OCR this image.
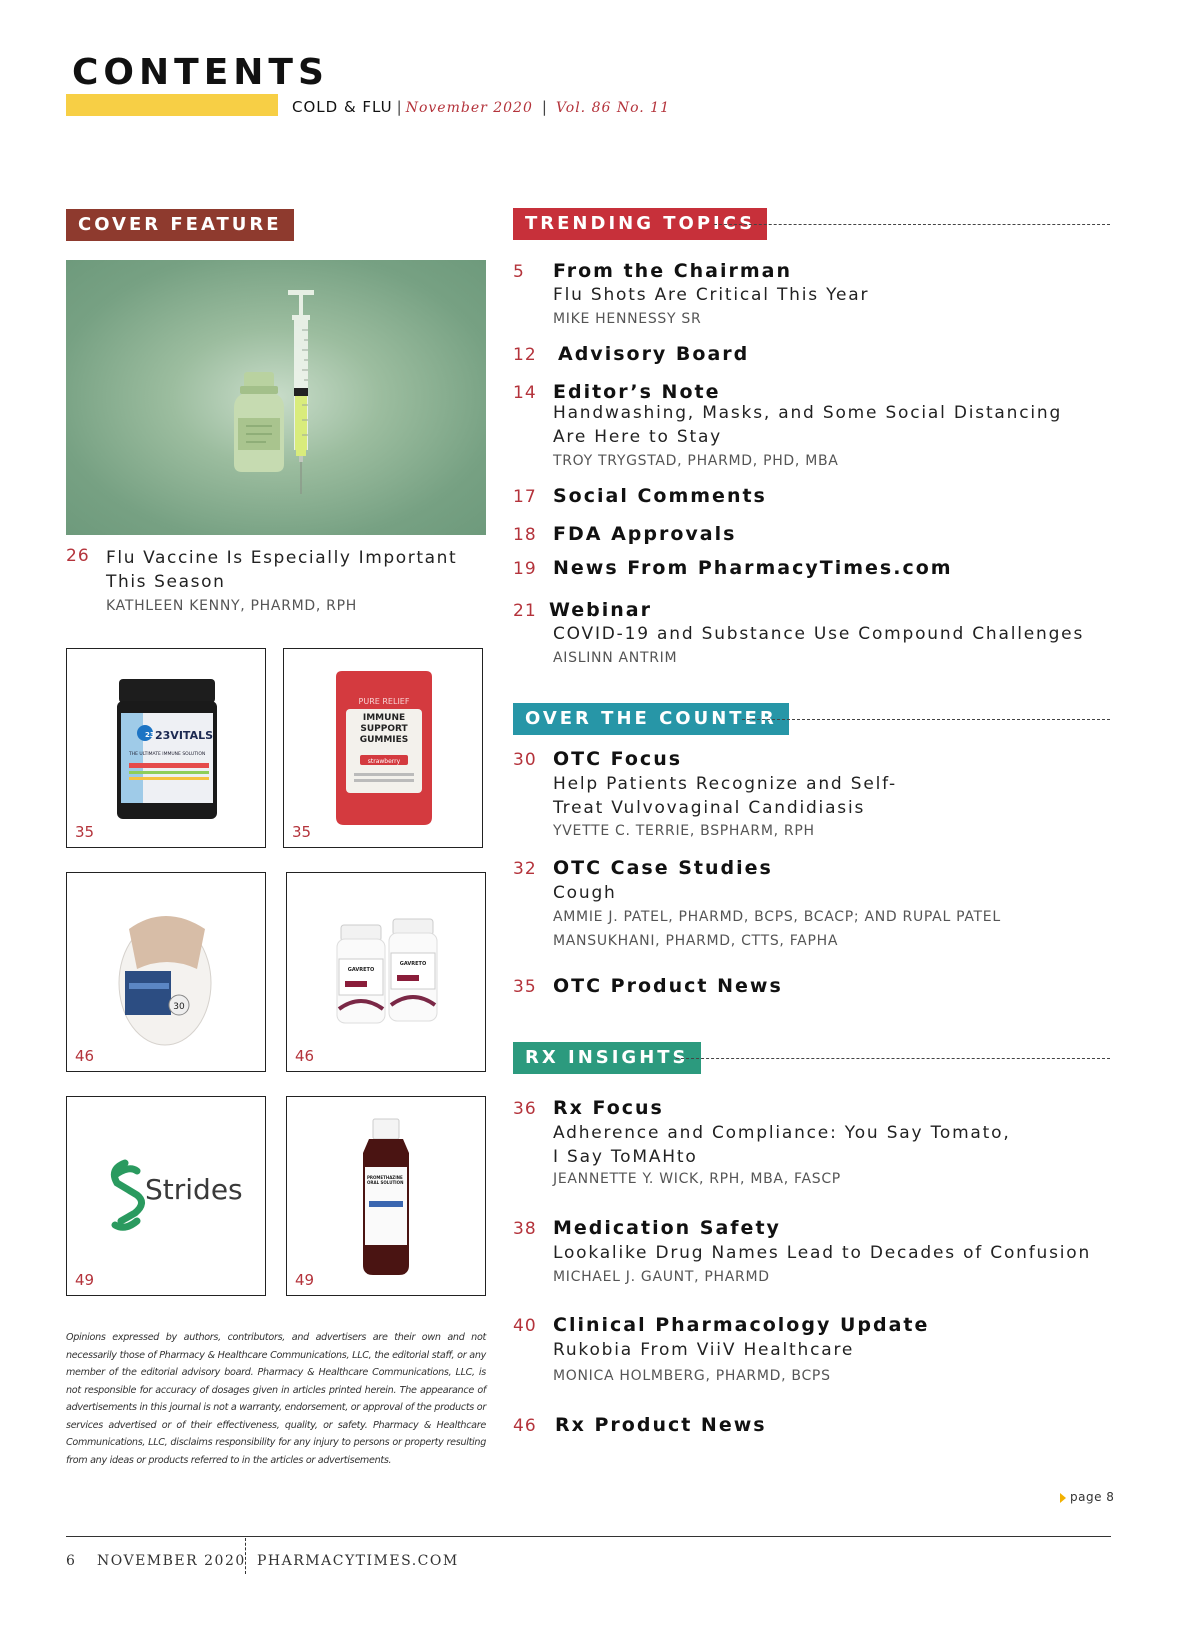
CONTENTS
COLD & FLU | November 2020 | Vol. 86 No. 11
COVER FEATURE
26 Flu Vaccine Is Especially Important This Season
KATHLEEN KENNY, PHARMD, RPH
23 23VITALS
THE ULTIMATE IMMUNE SOLUTION
35
PURE RELIEF
IMMUNE SUPPORT GUMMIES
strawberry
35
30
46
GAVRETO
GAVRETO
46
Strides
49
PROMETHAZINE ORAL SOLUTION
49
Opinions expressed by authors, contributors, and advertisers are their own and not necessarily those of Pharmacy & Healthcare Communications, LLC, the editorial staff, or any member of the editorial advisory board. Pharmacy & Healthcare Communications, LLC, is not responsible for accuracy of dosages given in articles printed herein. The appearance of advertisements in this journal is not a warranty, endorsement, or approval of the products or services advertised or of their effectiveness, quality, or safety. Pharmacy & Healthcare Communications, LLC, disclaims responsibility for any injury to persons or property resulting from any ideas or products referred to in the articles or advertisements.
TRENDING TOPICS
5 From the Chairman
Flu Shots Are Critical This Year
MIKE HENNESSY SR
12 Advisory Board
14 Editor’s Note
Handwashing, Masks, and Some Social Distancing Are Here to Stay
TROY TRYGSTAD, PHARMD, PHD, MBA
17 Social Comments
18 FDA Approvals
19 News From PharmacyTimes.com
21 Webinar
COVID-19 and Substance Use Compound Challenges
AISLINN ANTRIM
OVER THE COUNTER
30 OTC Focus
Help Patients Recognize and Self-Treat Vulvovaginal Candidiasis
YVETTE C. TERRIE, BSPHARM, RPH
32 OTC Case Studies
Cough
AMMIE J. PATEL, PHARMD, BCPS, BCACP; AND RUPAL PATEL MANSUKHANI, PHARMD, CTTS, FAPHA
35 OTC Product News
RX INSIGHTS
36 Rx Focus
Adherence and Compliance: You Say Tomato, I Say ToMAHto
JEANNETTE Y. WICK, RPH, MBA, FASCP
38 Medication Safety
Lookalike Drug Names Lead to Decades of Confusion
MICHAEL J. GAUNT, PHARMD
40 Clinical Pharmacology Update
Rukobia From ViiV Healthcare
MONICA HOLMBERG, PHARMD, BCPS
46 Rx Product News
page 8
6 NOVEMBER 2020 PHARMACYTIMES.COM
